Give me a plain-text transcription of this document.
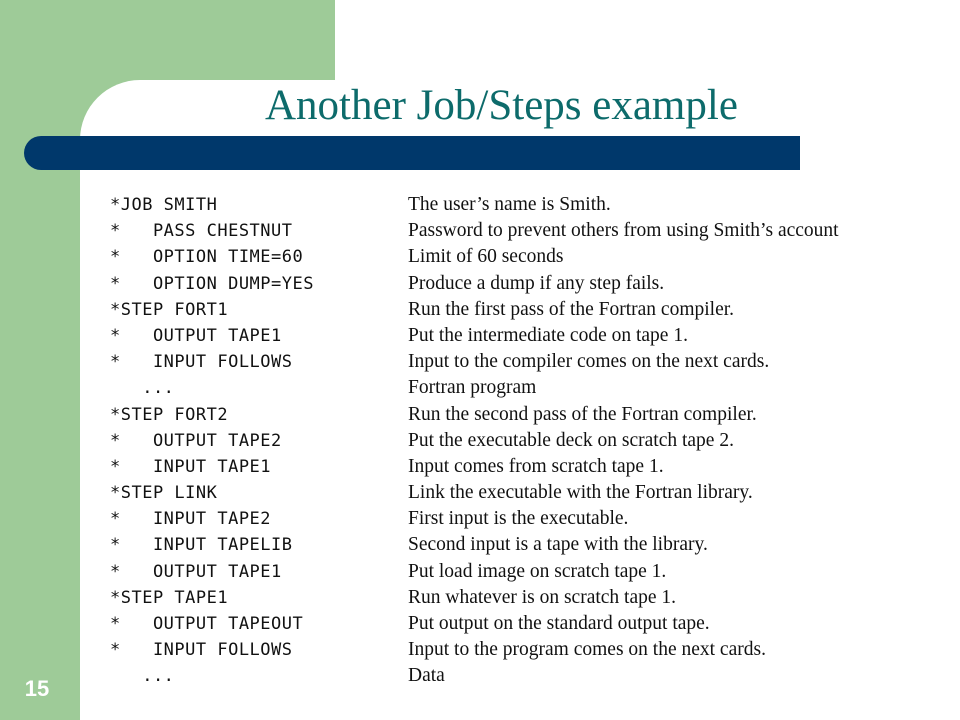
Another Job/Steps example
*JOB SMITH	The user’s name is Smith.
*   PASS CHESTNUT	Password to prevent others from using Smith’s account
*   OPTION TIME=60	Limit of 60 seconds
*   OPTION DUMP=YES	Produce a dump if any step fails.
*STEP FORT1	Run the first pass of the Fortran compiler.
*   OUTPUT TAPE1	Put the intermediate code on tape 1.
*   INPUT FOLLOWS	Input to the compiler comes on the next cards.
...	Fortran program
*STEP FORT2	Run the second pass of the Fortran compiler.
*   OUTPUT TAPE2	Put the executable deck on scratch tape 2.
*   INPUT TAPE1	Input comes from scratch tape 1.
*STEP LINK	Link the executable with the Fortran library.
*   INPUT TAPE2	First input is the executable.
*   INPUT TAPELIB	Second input is a tape with the library.
*   OUTPUT TAPE1	Put load image on scratch tape 1.
*STEP TAPE1	Run whatever is on scratch tape 1.
*   OUTPUT TAPEOUT	Put output on the standard output tape.
*   INPUT FOLLOWS	Input to the program comes on the next cards.
...	Data
15
